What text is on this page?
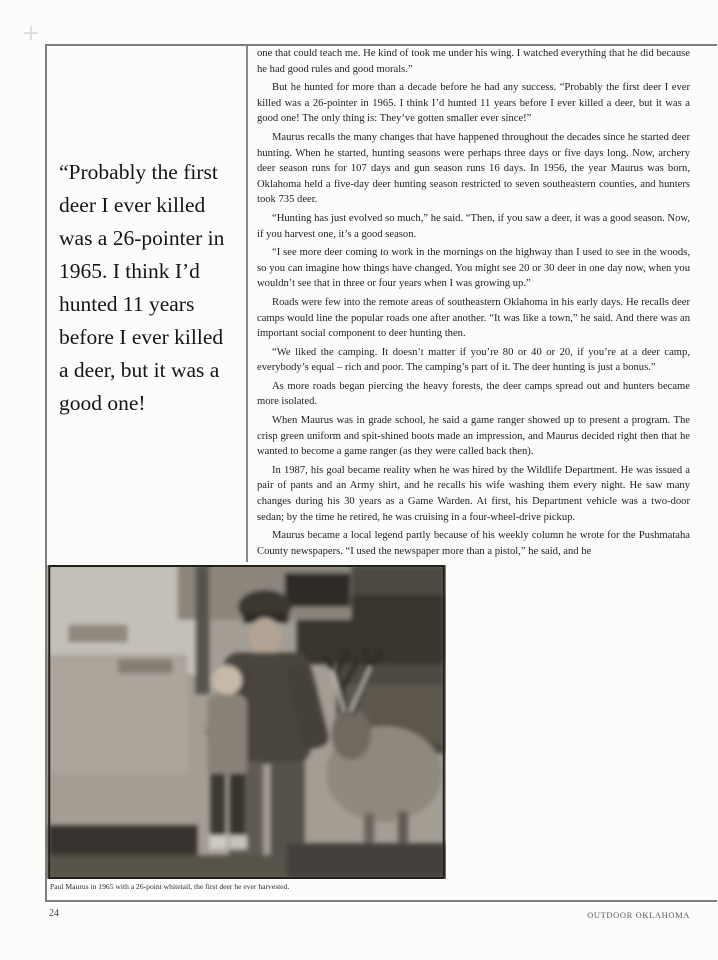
“Probably the first deer I ever killed was a 26-pointer in 1965. I think I’d hunted 11 years before I ever killed a deer, but it was a good one!
Paul Maurus in 1965 with a 26-point whitetail, the first deer he ever harvested.

one that could teach me. He kind of took me under his wing. I watched everything that he did because he had good rules and good morals.”

But he hunted for more than a decade before he had any success. “Probably the first deer I ever killed was a 26-pointer in 1965. I think I’d hunted 11 years before I ever killed a deer, but it was a good one! The only thing is: They’ve gotten smaller ever since!”

Maurus recalls the many changes that have happened throughout the decades since he started deer hunting. When he started, hunting seasons were perhaps three days or five days long. Now, archery deer season runs for 107 days and gun season runs 16 days. In 1956, the year Maurus was born, Oklahoma held a five-day deer hunting season restricted to seven southeastern counties, and hunters took 735 deer.

“Hunting has just evolved so much,” he said. “Then, if you saw a deer, it was a good season. Now, if you harvest one, it’s a good season.

“I see more deer coming to work in the mornings on the highway than I used to see in the woods, so you can imagine how things have changed. You might see 20 or 30 deer in one day now, when you wouldn’t see that in three or four years when I was growing up.”

Roads were few into the remote areas of southeastern Oklahoma in his early days. He recalls deer camps would line the popular roads one after another. “It was like a town,” he said. And there was an important social component to deer hunting then.

“We liked the camping. It doesn’t matter if you’re 80 or 40 or 20, if you’re at a deer camp, everybody’s equal – rich and poor. The camping’s part of it. The deer hunting is just a bonus.”

As more roads began piercing the heavy forests, the deer camps spread out and hunters became more isolated.

When Maurus was in grade school, he said a game ranger showed up to present a program. The crisp green uniform and spit-shined boots made an impression, and Maurus decided right then that he wanted to become a game ranger (as they were called back then).

In 1987, his goal became reality when he was hired by the Wildlife Department. He was issued a pair of pants and an Army shirt, and he recalls his wife washing them every night. He saw many changes during his 30 years as a Game Warden. At first, his Department vehicle was a two-door sedan; by the time he retired, he was cruising in a four-wheel-drive pickup.

Maurus became a local legend partly because of his weekly column he wrote for the Pushmataha County newspapers. “I used the newspaper more than a pistol,” he said, and he

24	OUTDOOR OKLAHOMA
